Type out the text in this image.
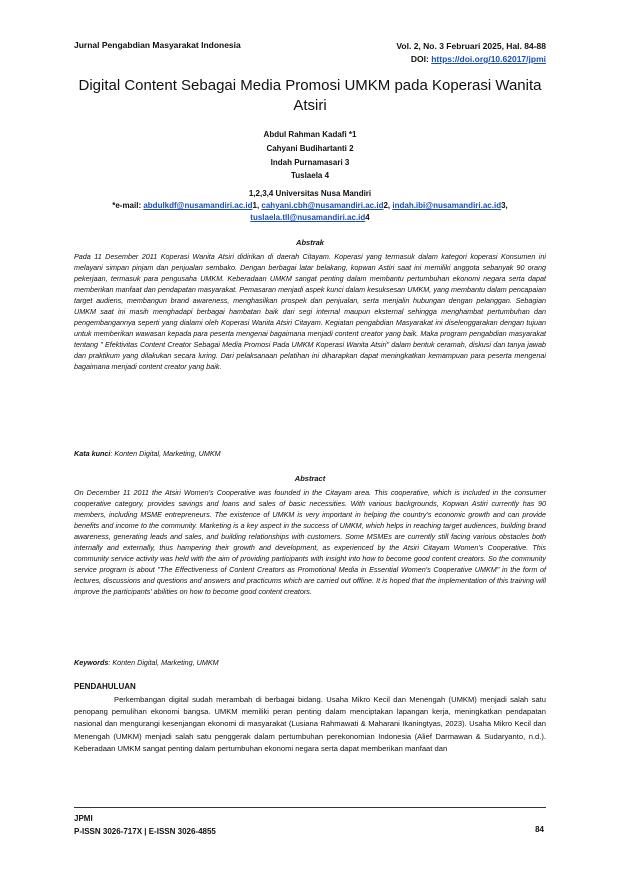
Jurnal Pengabdian Masyarakat Indonesia	Vol. 2, No. 3 Februari 2025, Hal. 84-88
DOI: https://doi.org/10.62017/jpmi
Digital Content Sebagai Media Promosi UMKM pada Koperasi Wanita Atsiri
Abdul Rahman Kadafi *1
Cahyani Budihartanti 2
Indah Purnamasari 3
Tuslaela 4
1,2,3,4 Universitas Nusa Mandiri
*e-mail: abdulkdf@nusamandiri.ac.id1, cahyani.cbh@nusamandiri.ac.id2, indah.ibi@nusamandiri.ac.id3,
tuslaela.tll@nusamandiri.ac.id4
Abstrak
Pada 11 Desember 2011 Koperasi Wanita Atsiri didirikan di daerah Citayam. Koperasi yang termasuk dalam kategori koperasi Konsumen ini melayani simpan pinjam dan penjualan sembako. Dengan berbagai latar belakang, kopwan Astiri saat ini memiliki anggota sebanyak 90 orang pekerjaan, termasuk para pengusaha UMKM. Keberadaan UMKM sangat penting dalam membantu pertumbuhan ekonomi negara serta dapat memberikan manfaat dan pendapatan masyarakat. Pemasaran menjadi aspek kunci dalam kesuksesan UMKM, yang membantu dalam pencapaian target audiens, membangun brand awareness, menghasilkan prospek dan penjualan, serta menjalin hubungan dengan pelanggan. Sebagian UMKM saat ini masih menghadapi berbagai hambatan baik dari segi internal maupun eksternal sehingga menghambat pertumbuhan dan pengembangannya seperti yang dialami oleh Koperasi Wanita Atsiri Citayam. Kegiatan pengabdian Masyarakat ini diselenggarakan dengan tujuan untuk memberikan wawasan kepada para peserta mengenai bagaimana menjadi content creator yang baik. Maka program pengabdian masyarakat tentang " Efektivitas Content Creator Sebagai Media Promosi Pada UMKM Koperasi Wanita Atsiri" dalam bentuk ceramah, diskusi dan tanya jawab dan praktikum yang dilakukan secara luring. Dari pelaksanaan pelatihan ini diharapkan dapat meningkatkan kemampuan para peserta mengenai bagaimana menjadi content creator yang baik.
Kata kunci: Konten Digital, Marketing, UMKM
Abstract
On December 11 2011 the Atsiri Women's Cooperative was founded in the Citayam area. This cooperative, which is included in the consumer cooperative category, provides savings and loans and sales of basic necessities. With various backgrounds, Kopwan Astiri currently has 90 members, including MSME entrepreneurs. The existence of UMKM is very important in helping the country's economic growth and can provide benefits and income to the community. Marketing is a key aspect in the success of UMKM, which helps in reaching target audiences, building brand awareness, generating leads and sales, and building relationships with customers. Some MSMEs are currently still facing various obstacles both internally and externally, thus hampering their growth and development, as experienced by the Atsiri Citayam Women's Cooperative. This community service activity was held with the aim of providing participants with insight into how to become good content creators. So the community service program is about "The Effectiveness of Content Creators as Promotional Media in Essential Women's Cooperative UMKM" in the form of lectures, discussions and questions and answers and practicums which are carried out offline. It is hoped that the implementation of this training will improve the participants' abilities on how to become good content creators.
Keywords: Konten Digital, Marketing, UMKM
PENDAHULUAN
Perkembangan digital sudah merambah di berbagai bidang. Usaha Mikro Kecil dan Menengah (UMKM) menjadi salah satu penopang pemulihan ekonomi bangsa. UMKM memiliki peran penting dalam menciptakan lapangan kerja, meningkatkan pendapatan nasional dan mengurangi kesenjangan ekonomi di masyarakat (Lusiana Rahmawati & Maharani Ikaningtyas, 2023). Usaha Mikro Kecil dan Menengah (UMKM) menjadi salah satu penggerak dalam pertumbuhan perekonomian Indonesia (Alief Darmawan & Sudaryanto, n.d.). Keberadaan UMKM sangat penting dalam pertumbuhan ekonomi negara serta dapat memberikan manfaat dan
JPMI
P-ISSN 3026-717X | E-ISSN 3026-4855	84
